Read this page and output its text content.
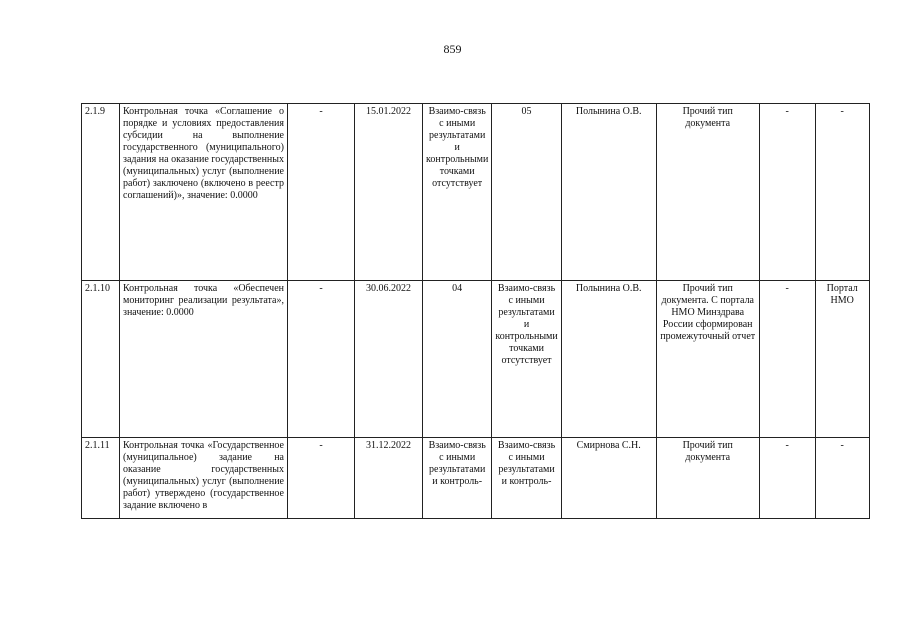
859
2.1.9	Контрольная точка «Соглашение о порядке и условиях предоставления субсидии на выполнение государственного (муниципального) задания на оказание государственных (муниципальных) услуг (выполнение работ) заключено (включено в реестр соглашений)», значение: 0.0000	-	15.01.2022	Взаимо-связь с иными результатами и контрольными точками отсутствует	05	Полынина О.В.	Прочий тип документа	-	-
2.1.10	Контрольная точка «Обеспечен мониторинг реализации результата», значение: 0.0000	-	30.06.2022	04	Взаимо-связь с иными результатами и контрольными точками отсутствует	Полынина О.В.	Прочий тип документа. С портала НМО Минздрава России сформирован промежуточный отчет	-	Портал НМО
2.1.11	Контрольная точка «Государственное (муниципальное) задание на оказание государственных (муниципальных) услуг (выполнение работ) утверждено (государственное задание включено в	-	31.12.2022	Взаимо-связь с иными результатами и контроль-	Взаимо-связь с иными результатами и контроль-	Смирнова С.Н.	Прочий тип документа	-	-
